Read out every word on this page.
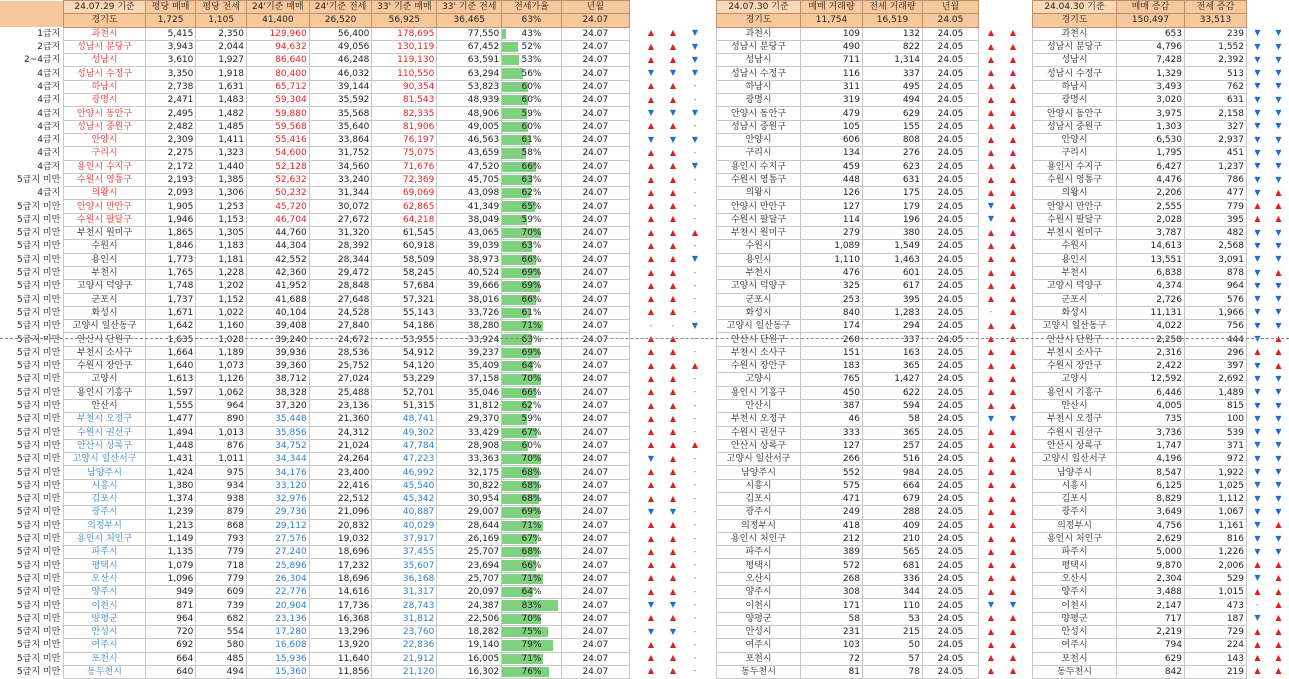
	24.07.29 기준	평당 매매	평당 전세	24'기준 매매	24'기준 전세	33' 기준 매매	33' 기준 전세	전세가율	년월
	경기도	1,725	1,105	41,400	26,520	56,925	36,465	63%	24.07
1급지	과천시	5,415	2,350	129,960	56,400	178,695	77,550	43%	24.07
2급지	성남시 분당구	3,943	2,044	94,632	49,056	130,119	67,452	52%	24.07
2~4급지	성남시	3,610	1,927	86,640	46,248	119,130	63,591	53%	24.07
4급지	성남시 수정구	3,350	1,918	80,400	46,032	110,550	63,294	56%	24.07
4급지	하남시	2,738	1,631	65,712	39,144	90,354	53,823	60%	24.07
4급지	광명시	2,471	1,483	59,304	35,592	81,543	48,939	60%	24.07
4급지	안양시 동안구	2,495	1,482	59,880	35,568	82,335	48,906	59%	24.07
4급지	성남시 중원구	2,482	1,485	59,568	35,640	81,906	49,005	60%	24.07
4급지	안양시	2,309	1,411	55,416	33,864	76,197	46,563	61%	24.07
4급지	구리시	2,275	1,323	54,600	31,752	75,075	43,659	58%	24.07
4급지	용인시 수지구	2,172	1,440	52,128	34,560	71,676	47,520	66%	24.07
5급지 미만	수원시 영통구	2,193	1,385	52,632	33,240	72,369	45,705	63%	24.07
4급지	의왕시	2,093	1,306	50,232	31,344	69,069	43,098	62%	24.07
5급지 미만	안양시 만안구	1,905	1,253	45,720	30,072	62,865	41,349	65%	24.07
5급지 미만	수원시 팔달구	1,946	1,153	46,704	27,672	64,218	38,049	59%	24.07
5급지 미만	부천시 원미구	1,865	1,305	44,760	31,320	61,545	43,065	70%	24.07
5급지 미만	수원시	1,846	1,183	44,304	28,392	60,918	39,039	63%	24.07
5급지 미만	용인시	1,773	1,181	42,552	28,344	58,509	38,973	66%	24.07
5급지 미만	부천시	1,765	1,228	42,360	29,472	58,245	40,524	69%	24.07
5급지 미만	고양시 덕양구	1,748	1,202	41,952	28,848	57,684	39,666	69%	24.07
5급지 미만	군포시	1,737	1,152	41,688	27,648	57,321	38,016	66%	24.07
5급지 미만	화성시	1,671	1,022	40,104	24,528	55,143	33,726	61%	24.07
5급지 미만	고양시 일산동구	1,642	1,160	39,408	27,840	54,186	38,280	71%	24.07
5급지 미만	안산시 단원구	1,635	1,028	39,240	24,672	53,955	33,924	63%	24.07
5급지 미만	부천시 소사구	1,664	1,189	39,936	28,536	54,912	39,237	69%	24.07
5급지 미만	수원시 장안구	1,640	1,073	39,360	25,752	54,120	35,409	64%	24.07
5급지 미만	고양시	1,613	1,126	38,712	27,024	53,229	37,158	70%	24.07
5급지 미만	용인시 기흥구	1,597	1,062	38,328	25,488	52,701	35,046	66%	24.07
5급지 미만	안산시	1,555	964	37,320	23,136	51,315	31,812	62%	24.07
5급지 미만	부천시 오정구	1,477	890	35,448	21,360	48,741	29,370	59%	24.07
5급지 미만	수원시 권선구	1,494	1,013	35,856	24,312	49,302	33,429	67%	24.07
5급지 미만	안산시 상록구	1,448	876	34,752	21,024	47,784	28,908	60%	24.07
5급지 미만	고양시 일산서구	1,431	1,011	34,344	24,264	47,223	33,363	70%	24.07
5급지 미만	남양주시	1,424	975	34,176	23,400	46,992	32,175	68%	24.07
5급지 미만	시흥시	1,380	934	33,120	22,416	45,540	30,822	68%	24.07
5급지 미만	김포시	1,374	938	32,976	22,512	45,342	30,954	68%	24.07
5급지 미만	광주시	1,239	879	29,736	21,096	40,887	29,007	69%	24.07
5급지 미만	의정부시	1,213	868	29,112	20,832	40,029	28,644	71%	24.07
5급지 미만	용인시 처인구	1,149	793	27,576	19,032	37,917	26,169	67%	24.07
5급지 미만	파주시	1,135	779	27,240	18,696	37,455	25,707	68%	24.07
5급지 미만	평택시	1,079	718	25,896	17,232	35,607	23,694	66%	24.07
5급지 미만	오산시	1,096	779	26,304	18,696	36,168	25,707	71%	24.07
5급지 미만	양주시	949	609	22,776	14,616	31,317	20,097	64%	24.07
5급지 미만	이천시	871	739	20,904	17,736	28,743	24,387	83%	24.07
5급지 미만	양평군	964	682	23,136	16,368	31,812	22,506	70%	24.07
5급지 미만	안성시	720	554	17,280	13,296	23,760	18,282	75%	24.07
5급지 미만	여주시	692	580	16,608	13,920	22,836	19,140	79%	24.07
5급지 미만	포천시	664	485	15,936	11,640	21,912	16,005	71%	24.07
5급지 미만	동두천시	640	494	15,360	11,856	21,120	16,302	76%	24.07

▲	▲	▼
▲	▲	▼
▲	▲	▼
▼	▼	▼
▲	▲	-
▲	▲	-
▼	▼	▼
▲	▲	-
▼	▼	▼
▲	▲	-
▲	▲	▼
▲	▲	-
▲	▲	-
▲	▲	-
▲	▲	-
▲	▲	▲
▲	▲	-
▲	▲	▼
▲	▲	-
▲	▲	-
▲	▲	-
▲	▲	-
-	-	▼
▲	▲	-
▲	▲	-
▲	▲	▲
▲	▲	-
▲	▲	-
▲	▲	-
▲	▲	-
▲	▲	-
▲	▲	▲
▼	▲	-
▲	▲	-
▲	▲	-
▲	▲	-
▼	▼	-
▲	▲	-
▲	▲	-
▲	▲	-
▲	▲	-
▲	▲	-
▲	▲	-
▼	▼	-
▲	▲	-
▼	▼	-
▲	▲	-
▲	▲	-
▲	▲	-
24.07.30 기준	매매 거래량	전세 거래량	년월
경기도	11,754	16,519	24.05
과천시	109	132	24.05
성남시 분당구	490	822	24.05
성남시	711	1,314	24.05
성남시 수정구	116	337	24.05
하남시	311	495	24.05
광명시	319	494	24.05
안양시 동안구	479	629	24.05
성남시 중원구	105	155	24.05
안양시	606	808	24.05
구리시	134	276	24.05
용인시 수지구	459	623	24.05
수원시 영통구	448	631	24.05
의왕시	126	175	24.05
안양시 만안구	127	179	24.05
수원시 팔달구	114	196	24.05
부천시 원미구	279	380	24.05
수원시	1,089	1,549	24.05
용인시	1,110	1,463	24.05
부천시	476	601	24.05
고양시 덕양구	325	617	24.05
군포시	253	395	24.05
화성시	840	1,283	24.05
고양시 일산동구	174	294	24.05
안산시 단원구	260	337	24.05
부천시 소사구	151	163	24.05
수원시 장안구	183	365	24.05
고양시	765	1,427	24.05
용인시 기흥구	450	622	24.05
안산시	387	594	24.05
부천시 오정구	46	58	24.05
수원시 권선구	333	365	24.05
안산시 상록구	127	257	24.05
고양시 일산서구	266	516	24.05
남양주시	552	984	24.05
시흥시	575	664	24.05
김포시	471	679	24.05
광주시	249	288	24.05
의정부시	418	409	24.05
용인시 처인구	212	210	24.05
파주시	389	565	24.05
평택시	572	681	24.05
오산시	268	336	24.05
양주시	308	344	24.05
이천시	171	110	24.05
양평군	58	53	24.05
안성시	231	215	24.05
여주시	103	50	24.05
포천시	72	57	24.05
동두천시	81	78	24.05

▲	▲
▲	▲
▲	▲
▲	▲
▲	▲
▲	▲
▲	▲
▲	▲
▲	▲
▲	▲
▲	▲
▲	▲
▲	▲
▼	▲
▼	▲
▲	▲
▲	▲
▲	▲
▲	▲
▲	▲
▲	▲
-	▲
▲	▲
▲	▲
▲	▲
▲	▲
▲	▲
▲	▲
▲	▲
▼	▼
▲	▲
▲	▲
▲	▲
▲	▲
▲	▲
▲	▲
▲	▲
▲	▲
▲	▲
▲	▲
▲	▲
▲	▲
▲	▲
▼	▼
▲	▲
▲	▲
▲	▲
▲	▲
▲	▲
24.04.30 기준	매매 증감	전세 증감
경기도	150,497	33,513
과천시	653	239
성남시 분당구	4,796	1,552
성남시	7,428	2,392
성남시 수정구	1,329	513
하남시	3,493	762
광명시	3,020	631
안양시 동안구	3,975	2,158
성남시 중원구	1,303	327
안양시	6,530	2,937
구리시	1,795	451
용인시 수지구	6,427	1,237
수원시 영통구	4,476	786
의왕시	2,206	477
안양시 만안구	2,555	779
수원시 팔달구	2,028	395
부천시 원미구	3,787	482
수원시	14,613	2,568
용인시	13,551	3,091
부천시	6,838	878
고양시 덕양구	4,374	964
군포시	2,726	576
화성시	11,131	1,966
고양시 일산동구	4,022	756
안산시 단원구	2,258	444
부천시 소사구	2,316	296
수원시 장안구	2,422	397
고양시	12,592	2,692
용인시 기흥구	6,446	1,489
안산시	4,005	815
부천시 오정구	735	100
수원시 권선구	3,736	539
안산시 상록구	1,747	371
고양시 일산서구	4,196	972
남양주시	8,547	1,922
시흥시	6,125	1,025
김포시	8,829	1,112
광주시	3,649	1,067
의정부시	4,756	1,161
용인시 처인구	2,629	816
파주시	5,000	1,226
평택시	9,870	2,006
오산시	2,304	529
양주시	3,488	1,015
이천시	2,147	473
양평군	717	187
안성시	2,219	729
여주시	794	224
포천시	629	143
동두천시	842	219

▼	▼
▼	▼
▼	▼
▼	▼
▼	▼
▼	▼
▼	▼
▼	▼
▼	▼
▼	▼
▼	▼
▼	▼
▼	▲
▲	▲
▲	▲
▼	▼
▼	▼
▼	▼
▼	▲
▼	▼
▼	▼
▼	▼
▼	▼
▼	▲
▲	▲
▼	▲
▼	▼
▼	▼
▼	▼
▼	▼
▼	▼
▼	▼
▼	▼
▼	▼
▼	▼
▼	▼
▼	▼
▼	▲
▼	▼
▼	▼
▲	▲
▼	▲
▲	▲
-	▲
▼	▲
▲	▲
▲	▲
▲	▲
▲	▲
